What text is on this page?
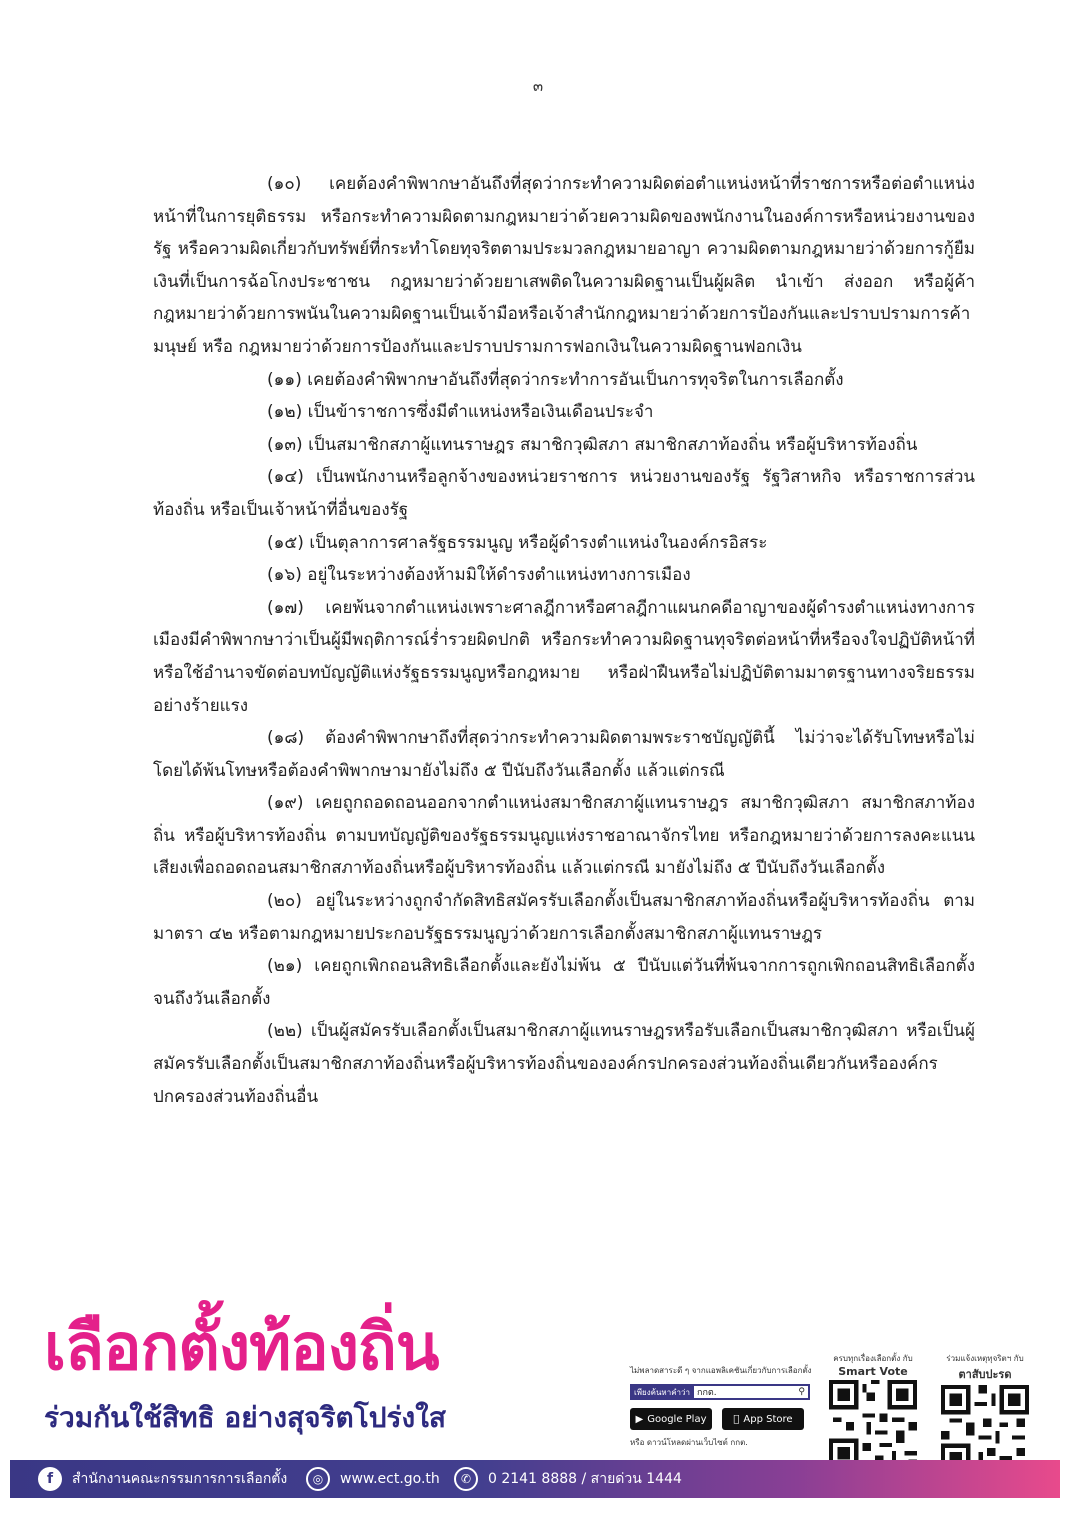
๓

(๑๐) เคยต้องคำพิพากษาอันถึงที่สุดว่ากระทำความผิดต่อตำแหน่งหน้าที่ราชการหรือต่อตำแหน่งหน้าที่ในการยุติธรรม หรือกระทำความผิดตามกฎหมายว่าด้วยความผิดของพนักงานในองค์การหรือหน่วยงานของรัฐ หรือความผิดเกี่ยวกับทรัพย์ที่กระทำโดยทุจริตตามประมวลกฎหมายอาญา ความผิดตามกฎหมายว่าด้วยการกู้ยืมเงินที่เป็นการฉ้อโกงประชาชน กฎหมายว่าด้วยยาเสพติดในความผิดฐานเป็นผู้ผลิต นำเข้า ส่งออก หรือผู้ค้า กฎหมายว่าด้วยการพนันในความผิดฐานเป็นเจ้ามือหรือเจ้าสำนักกฎหมายว่าด้วยการป้องกันและปราบปรามการค้ามนุษย์ หรือ กฎหมายว่าด้วยการป้องกันและปราบปรามการฟอกเงินในความผิดฐานฟอกเงิน

(๑๑) เคยต้องคำพิพากษาอันถึงที่สุดว่ากระทำการอันเป็นการทุจริตในการเลือกตั้ง

(๑๒) เป็นข้าราชการซึ่งมีตำแหน่งหรือเงินเดือนประจำ

(๑๓) เป็นสมาชิกสภาผู้แทนราษฎร สมาชิกวุฒิสภา สมาชิกสภาท้องถิ่น หรือผู้บริหารท้องถิ่น

(๑๔) เป็นพนักงานหรือลูกจ้างของหน่วยราชการ หน่วยงานของรัฐ รัฐวิสาหกิจ หรือราชการส่วนท้องถิ่น หรือเป็นเจ้าหน้าที่อื่นของรัฐ

(๑๕) เป็นตุลาการศาลรัฐธรรมนูญ หรือผู้ดำรงตำแหน่งในองค์กรอิสระ

(๑๖) อยู่ในระหว่างต้องห้ามมิให้ดำรงตำแหน่งทางการเมือง

(๑๗) เคยพ้นจากตำแหน่งเพราะศาลฎีกาหรือศาลฎีกาแผนกคดีอาญาของผู้ดำรงตำแหน่งทางการเมืองมีคำพิพากษาว่าเป็นผู้มีพฤติการณ์ร่ำรวยผิดปกติ หรือกระทำความผิดฐานทุจริตต่อหน้าที่หรือจงใจปฏิบัติหน้าที่หรือใช้อำนาจขัดต่อบทบัญญัติแห่งรัฐธรรมนูญหรือกฎหมาย หรือฝ่าฝืนหรือไม่ปฏิบัติตามมาตรฐานทางจริยธรรมอย่างร้ายแรง

(๑๘) ต้องคำพิพากษาถึงที่สุดว่ากระทำความผิดตามพระราชบัญญัตินี้ ไม่ว่าจะได้รับโทษหรือไม่ โดยได้พ้นโทษหรือต้องคำพิพากษามายังไม่ถึง ๕ ปีนับถึงวันเลือกตั้ง แล้วแต่กรณี

(๑๙) เคยถูกถอดถอนออกจากตำแหน่งสมาชิกสภาผู้แทนราษฎร สมาชิกวุฒิสภา สมาชิกสภาท้องถิ่น หรือผู้บริหารท้องถิ่น ตามบทบัญญัติของรัฐธรรมนูญแห่งราชอาณาจักรไทย หรือกฎหมายว่าด้วยการลงคะแนนเสียงเพื่อถอดถอนสมาชิกสภาท้องถิ่นหรือผู้บริหารท้องถิ่น แล้วแต่กรณี มายังไม่ถึง ๕ ปีนับถึงวันเลือกตั้ง

(๒๐) อยู่ในระหว่างถูกจำกัดสิทธิสมัครรับเลือกตั้งเป็นสมาชิกสภาท้องถิ่นหรือผู้บริหารท้องถิ่น ตามมาตรา ๔๒ หรือตามกฎหมายประกอบรัฐธรรมนูญว่าด้วยการเลือกตั้งสมาชิกสภาผู้แทนราษฎร

(๒๑) เคยถูกเพิกถอนสิทธิเลือกตั้งและยังไม่พ้น ๕ ปีนับแต่วันที่พ้นจากการถูกเพิกถอนสิทธิเลือกตั้งจนถึงวันเลือกตั้ง

(๒๒) เป็นผู้สมัครรับเลือกตั้งเป็นสมาชิกสภาผู้แทนราษฎรหรือรับเลือกเป็นสมาชิกวุฒิสภา หรือเป็นผู้สมัครรับเลือกตั้งเป็นสมาชิกสภาท้องถิ่นหรือผู้บริหารท้องถิ่นขององค์กรปกครองส่วนท้องถิ่นเดียวกันหรือองค์กรปกครองส่วนท้องถิ่นอื่น

เลือกตั้งท้องถิ่น
ร่วมกันใช้สิทธิ อย่างสุจริตโปร่งใส
ไม่พลาดสาระดี ๆ จากแอพลิเคชันเกี่ยวกับการเลือกตั้ง
เพียงค้นหาคำว่า กกต.	⚲
▶ Google Play	App Store
หรือ ดาวน์โหลดผ่านเว็บไซต์ กกต.
ครบทุกเรื่องเลือกตั้ง กับ
Smart Vote
ร่วมแจ้งเหตุทุจริตฯ กับ
ตาสับปะรด
f	สำนักงานคณะกรรมการการเลือกตั้ง	◎	www.ect.go.th	✆	0 2141 8888 / สายด่วน 1444
